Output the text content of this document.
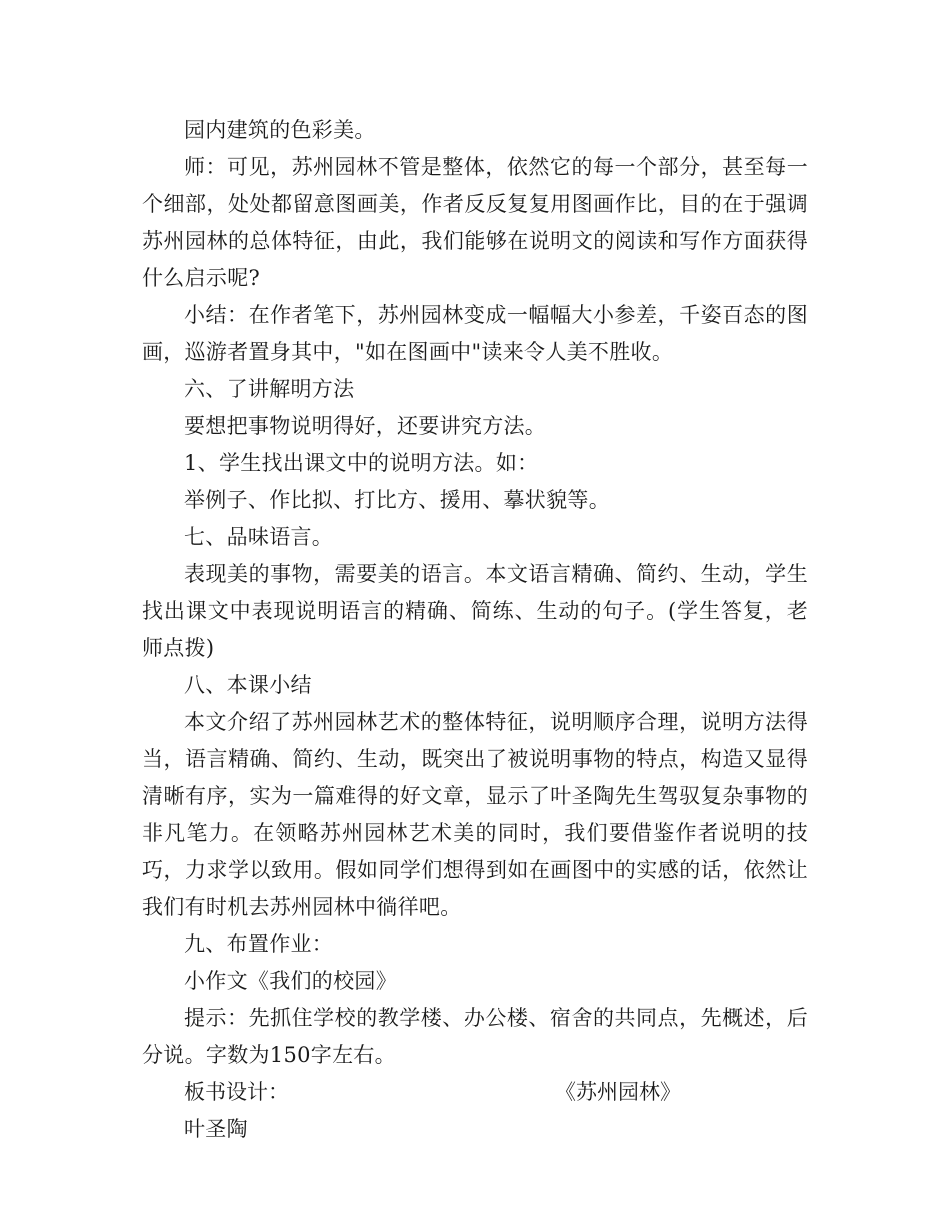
园内建筑的色彩美。

师：可见，苏州园林不管是整体，依然它的每一个部分，甚至每一个细部，处处都留意图画美，作者反反复复用图画作比，目的在于强调苏州园林的总体特征，由此，我们能够在说明文的阅读和写作方面获得什么启示呢?

小结：在作者笔下，苏州园林变成一幅幅大小参差，千姿百态的图画，巡游者置身其中，"如在图画中"读来令人美不胜收。

六、了讲解明方法

要想把事物说明得好，还要讲究方法。

1、学生找出课文中的说明方法。如：

举例子、作比拟、打比方、援用、摹状貌等。

七、品味语言。

表现美的事物，需要美的语言。本文语言精确、简约、生动，学生找出课文中表现说明语言的精确、简练、生动的句子。(学生答复，老师点拨)

八、本课小结

本文介绍了苏州园林艺术的整体特征，说明顺序合理，说明方法得当，语言精确、简约、生动，既突出了被说明事物的特点，构造又显得清晰有序，实为一篇难得的好文章，显示了叶圣陶先生驾驭复杂事物的非凡笔力。在领略苏州园林艺术美的同时，我们要借鉴作者说明的技巧，力求学以致用。假如同学们想得到如在画图中的实感的话，依然让我们有时机去苏州园林中徜徉吧。

九、布置作业：

小作文《我们的校园》

提示：先抓住学校的教学楼、办公楼、宿舍的共同点，先概述，后分说。字数为150字左右。

板书设计：	《苏州园林》

叶圣陶
